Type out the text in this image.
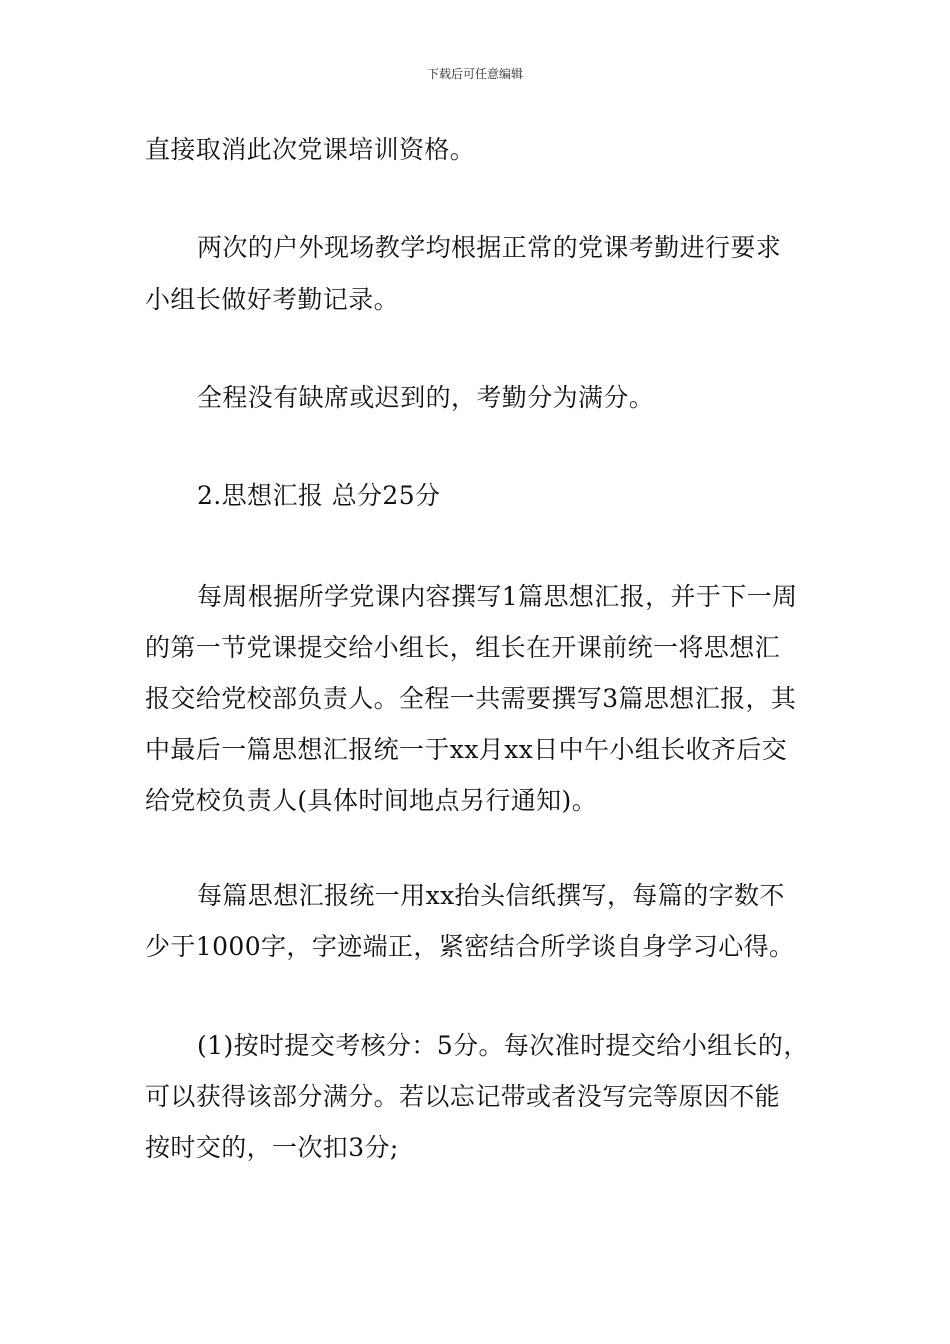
下载后可任意编辑
直接取消此次党课培训资格。
两次的户外现场教学均根据正常的党课考勤进行要求
小组长做好考勤记录。
全程没有缺席或迟到的，考勤分为满分。
2.思想汇报 总分25分
每周根据所学党课内容撰写1篇思想汇报，并于下一周
的第一节党课提交给小组长，组长在开课前统一将思想汇
报交给党校部负责人。全程一共需要撰写3篇思想汇报，其
中最后一篇思想汇报统一于xx月xx日中午小组长收齐后交
给党校负责人(具体时间地点另行通知)。
每篇思想汇报统一用xx抬头信纸撰写，每篇的字数不
少于1000字，字迹端正，紧密结合所学谈自身学习心得。
(1)按时提交考核分：5分。每次准时提交给小组长的，
可以获得该部分满分。若以忘记带或者没写完等原因不能
按时交的，一次扣3分;
